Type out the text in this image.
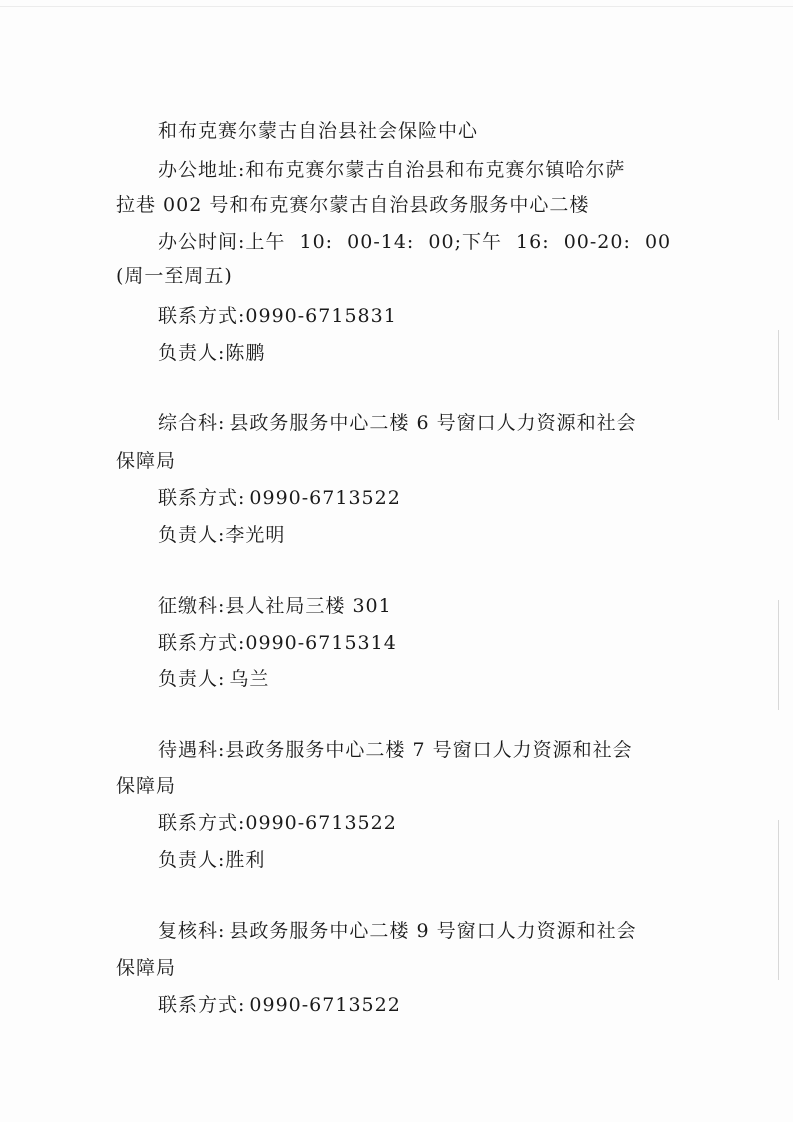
和布克赛尔蒙古自治县社会保险中心
办公地址:和布克赛尔蒙古自治县和布克赛尔镇哈尔萨
拉巷 002 号和布克赛尔蒙古自治县政务服务中心二楼
办公时间:上午  10:  00-14:  00;下午  16:  00-20:  00
(周一至周五)
联系方式:0990-6715831
负责人:陈鹏
综合科: 县政务服务中心二楼 6 号窗口人力资源和社会
保障局
联系方式: 0990-6713522
负责人:李光明
征缴科:县人社局三楼 301
联系方式:0990-6715314
负责人: 乌兰
待遇科:县政务服务中心二楼 7 号窗口人力资源和社会
保障局
联系方式:0990-6713522
负责人:胜利
复核科: 县政务服务中心二楼 9 号窗口人力资源和社会
保障局
联系方式: 0990-6713522
